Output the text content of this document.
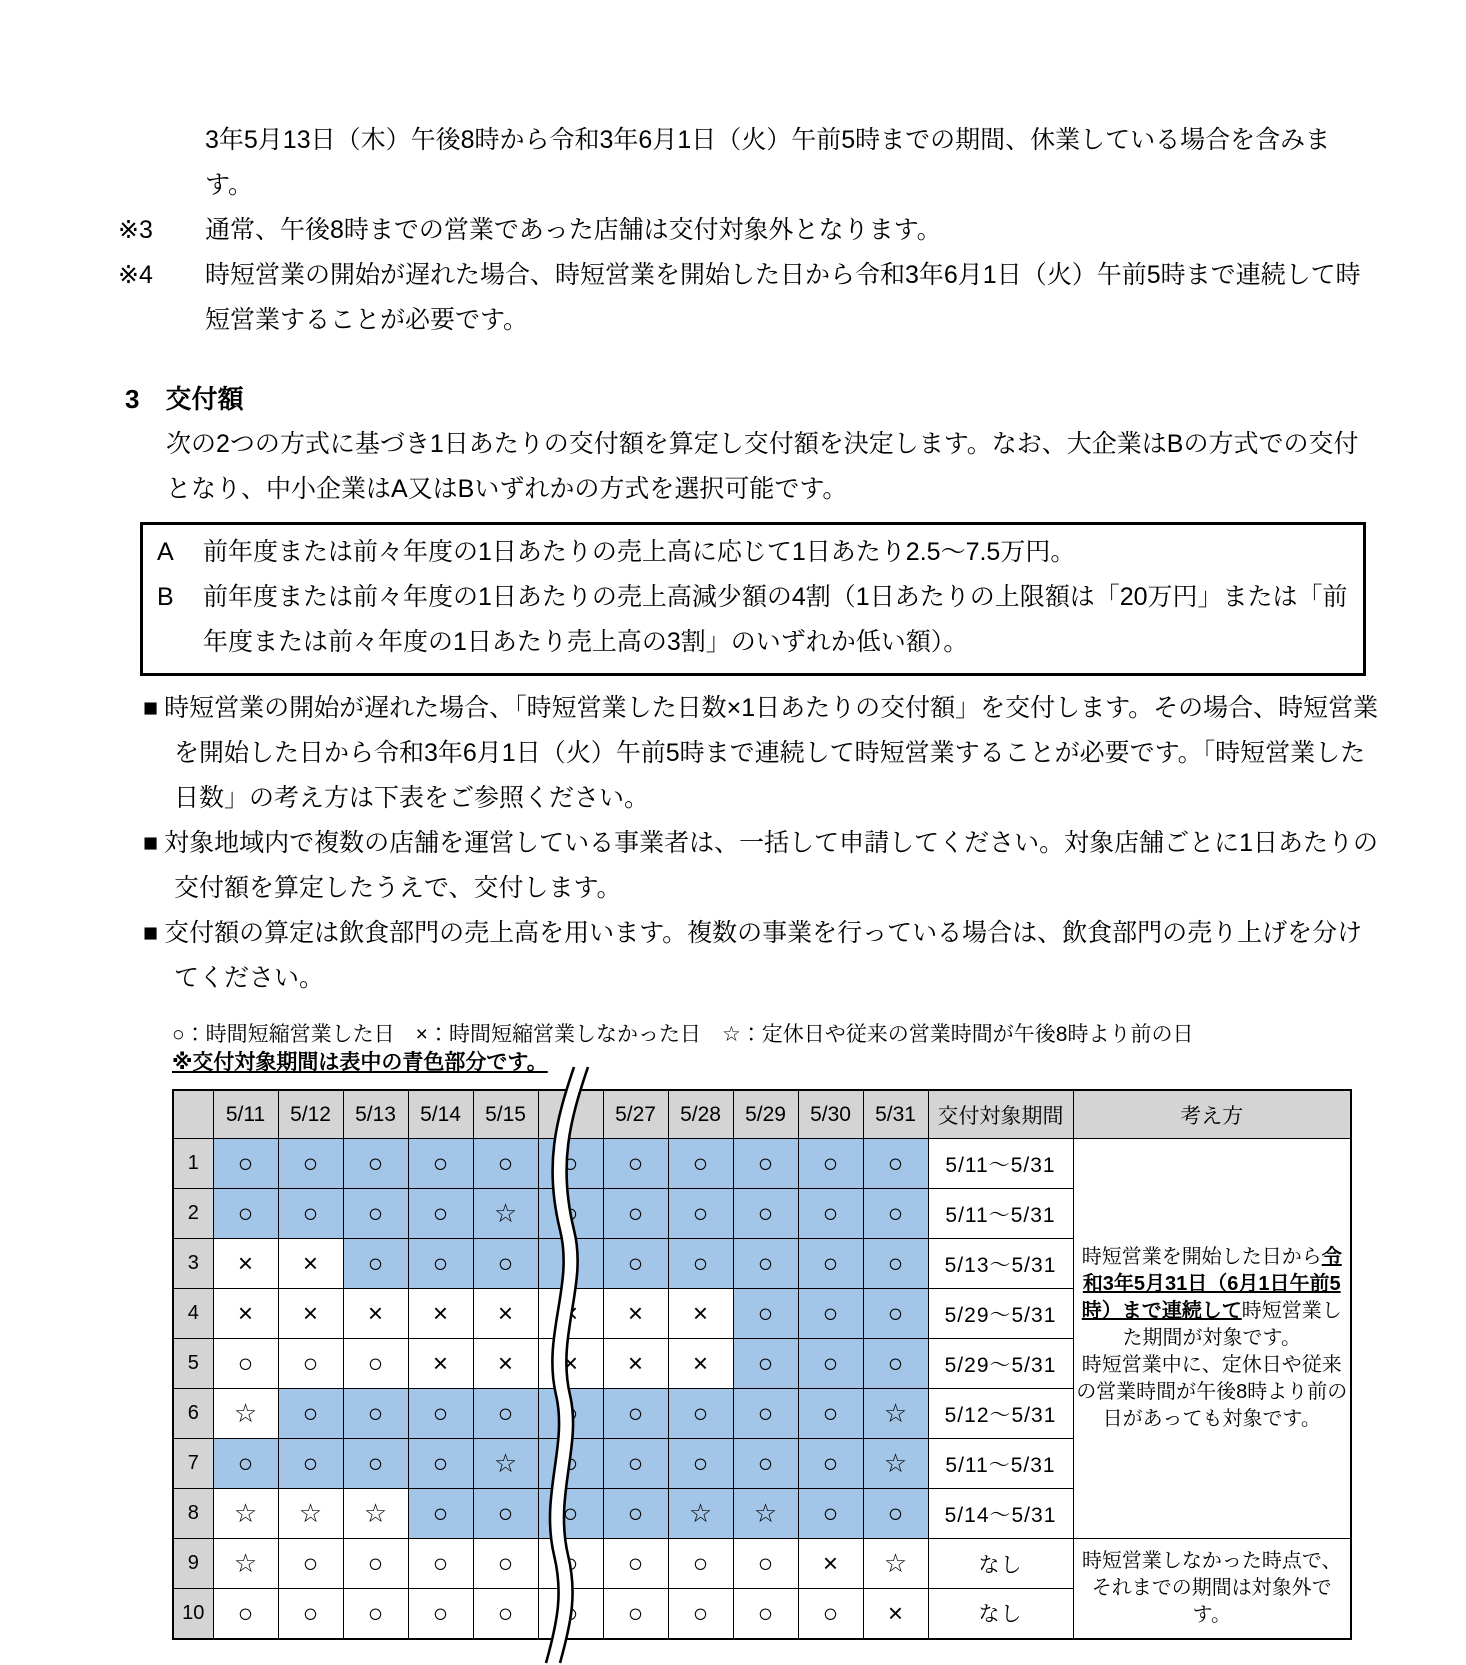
3年5月13日（木）午後8時から令和3年6月1日（火）午前5時までの期間、休業している場合を含みます。

※3	通常、午後8時までの営業であった店舗は交付対象外となります。
※4	時短営業の開始が遅れた場合、時短営業を開始した日から令和3年6月1日（火）午前5時まで連続して時短営業することが必要です。
3　交付額

次の2つの方式に基づき1日あたりの交付額を算定し交付額を決定します。なお、大企業はBの方式での交付となり、中小企業はA又はBいずれかの方式を選択可能です。

A	前年度または前々年度の1日あたりの売上高に応じて1日あたり2.5～7.5万円。
B	前年度または前々年度の1日あたりの売上高減少額の4割（1日あたりの上限額は「20万円」または「前年度または前々年度の1日あたり売上高の3割」のいずれか低い額）。
■時短営業の開始が遅れた場合、「時短営業した日数×1日あたりの交付額」を交付します。その場合、時短営業を開始した日から令和3年6月1日（火）午前5時まで連続して時短営業することが必要です。「時短営業した日数」の考え方は下表をご参照ください。
■対象地域内で複数の店舗を運営している事業者は、一括して申請してください。対象店舗ごとに1日あたりの交付額を算定したうえで、交付します。
■交付額の算定は飲食部門の売上高を用います。複数の事業を行っている場合は、飲食部門の売り上げを分けてください。
○：時間短縮営業した日　×：時間短縮営業しなかった日　☆：定休日や従来の営業時間が午後8時より前の日
※交付対象期間は表中の青色部分です。
	5/11	5/12	5/13	5/14	5/15		5/27	5/28	5/29	5/30	5/31	交付対象期間	考え方
1	○	○	○	○	○	○	○	○	○	○	○	5/11～5/31	時短営業を開始した日から令和3年5月31日（6月1日午前5時）まで連続して時短営業した期間が対象です。
時短営業中に、定休日や従来の営業時間が午後8時より前の日があっても対象です。

2	○	○	○	○	☆	○	○	○	○	○	○	5/11～5/31	
3	×	×	○	○	○	○	○	○	○	○	○	5/13～5/31	
4	×	×	×	×	×	×	×	×	○	○	○	5/29～5/31	
5	○	○	○	×	×	×	×	×	○	○	○	5/29～5/31	
6	☆	○	○	○	○	○	○	○	○	○	☆	5/12～5/31	
7	○	○	○	○	☆	○	○	○	○	○	☆	5/11～5/31	
8	☆	☆	☆	○	○	○	○	☆	☆	○	○	5/14～5/31	
9	☆	○	○	○	○	○	○	○	○	×	☆	なし	時短営業しなかった時点で、それまでの期間は対象外です。
10	○	○	○	○	○	○	○	○	○	○	×	なし	
